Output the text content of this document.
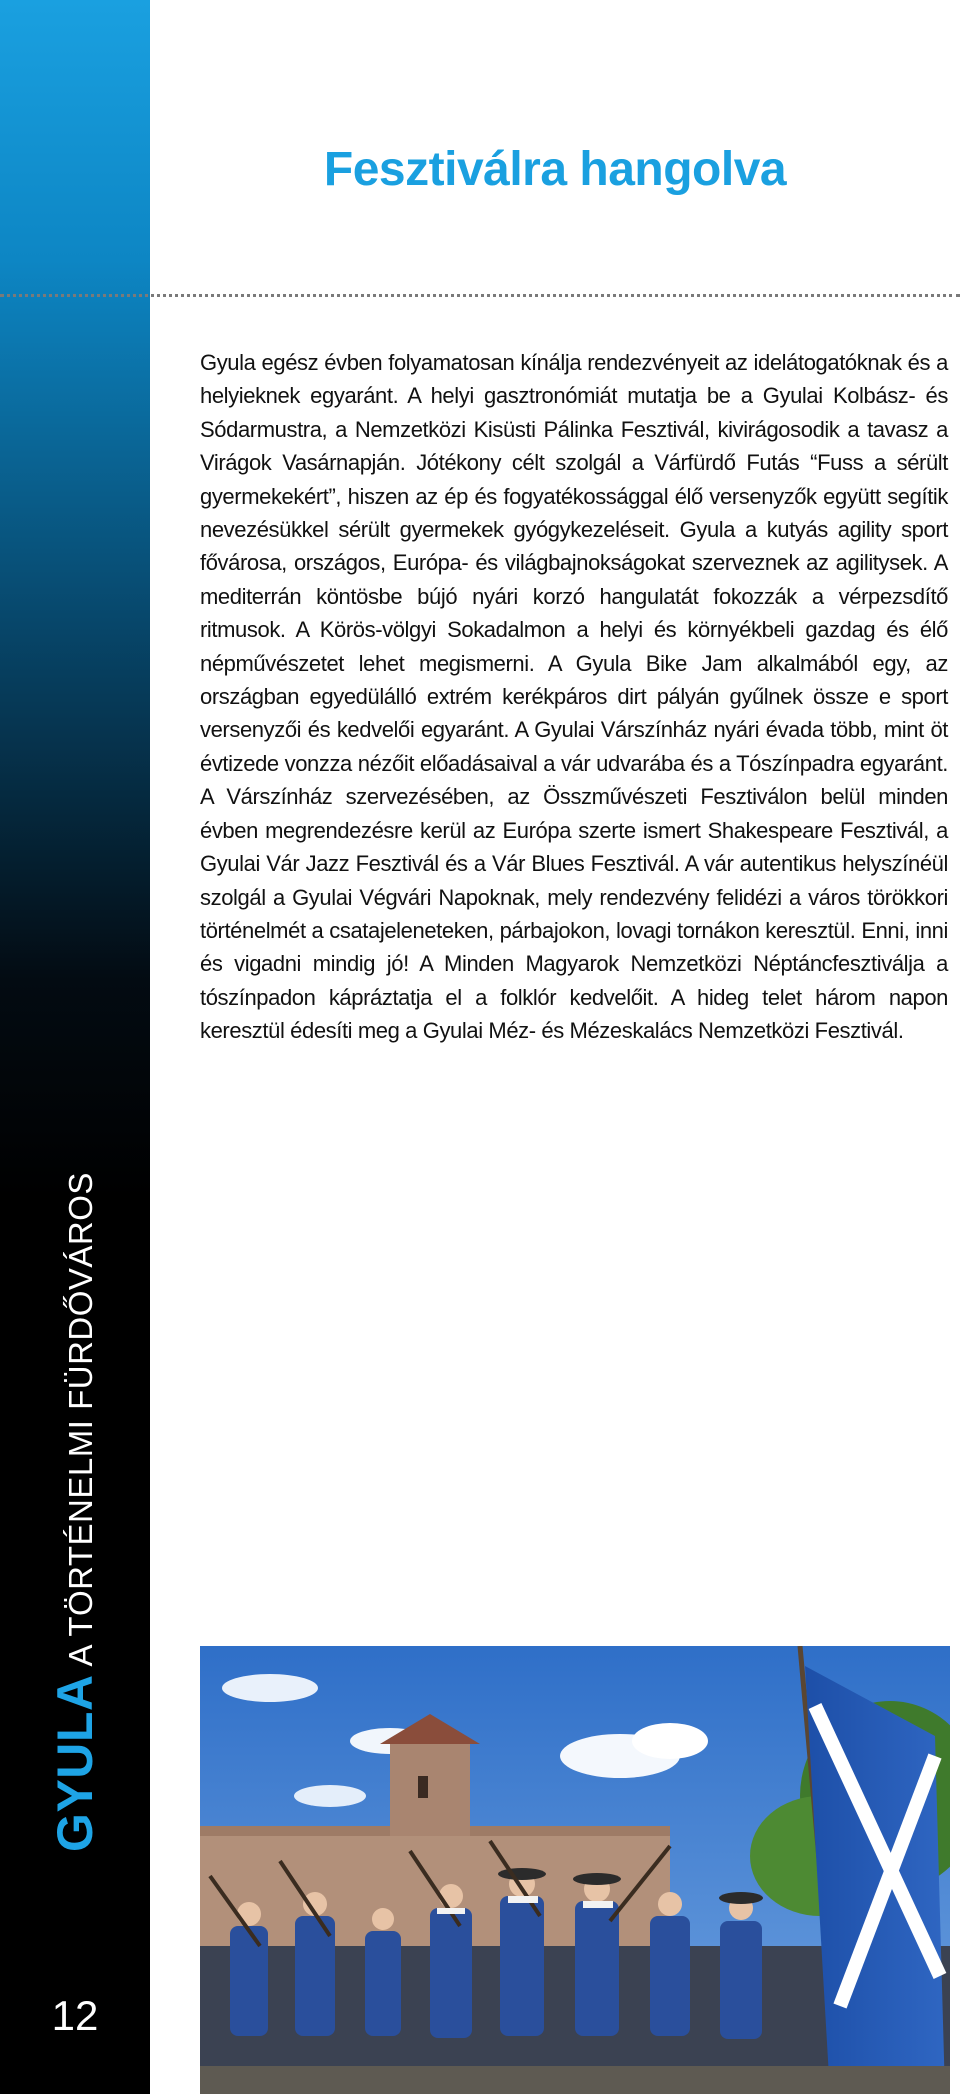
GYULAA TÖRTÉNELMI FÜRDŐVÁROS
12
Fesztiválra hangolva

Gyula egész évben folyamatosan kínálja rendezvényeit az idelátogatóknak és a helyieknek egyaránt. A helyi gasztronómiát mutatja be a Gyulai Kolbász- és Sódarmustra, a Nemzetközi Kisüsti Pálinka Fesztivál, kivirágosodik a tavasz a Virágok Vasárnapján. Jótékony célt szolgál a Várfürdő Futás “Fuss a sérült gyermekekért”, hiszen az ép és fogyatékossággal élő versenyzők együtt segítik nevezésükkel sérült gyermekek gyógykezeléseit. Gyula a kutyás agility sport fővárosa, országos, Európa- és világbajnokságokat szerveznek az agilitysek. A mediterrán köntösbe bújó nyári korzó hangulatát fokozzák a vérpezsdítő ritmusok. A Körös-völgyi Sokadalmon a helyi és környékbeli gazdag és élő népművészetet lehet megismerni. A Gyula Bike Jam alkalmából egy, az országban egyedülálló extrém kerékpáros dirt pályán gyűlnek össze e sport versenyzői és kedvelői egyaránt. A Gyulai Várszínház nyári évada több, mint öt évtizede vonzza nézőit előadásaival a vár udvarába és a Tószínpadra egyaránt. A Várszínház szervezésében, az Összművészeti Fesztiválon belül minden évben megrendezésre kerül az Európa szerte ismert Shakespeare Fesztivál, a Gyulai Vár Jazz Fesztivál és a Vár Blues Fesztivál. A vár autentikus helyszínéül szolgál a Gyulai Végvári Napoknak, mely rendezvény felidézi a város törökkori történelmét a csatajeleneteken, párbajokon, lovagi tornákon keresztül. Enni, inni és vigadni mindig jó! A Minden Magyarok Nemzetközi Néptáncfesztiválja a tószínpadon kápráztatja el a folklór kedvelőit. A hideg telet három napon keresztül édesíti meg a Gyulai Méz- és Mézeskalács Nemzetközi Fesztivál.
